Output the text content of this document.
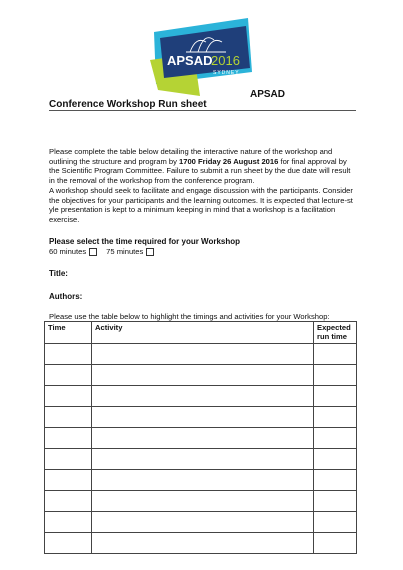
APSAD
2016
SYDNEY
APSAD
Conference Workshop Run sheet
Please complete the table below detailing the interactive nature of the workshop and outlining the structure and program by 1700 Friday 26 August 2016 for final approval by the Scientific Program Committee. Failure to submit a run sheet by the due date will result in the removal of the workshop from the conference program.
A workshop should seek to facilitate and engage discussion with the participants. Consider the objectives for your participants and the learning outcomes. It is expected that lecture-st yle presentation is kept to a minimum keeping in mind that a workshop is a facilitation exercise.
Please select the time required for your Workshop
60 minutes	75 minutes
Title:
Authors:
Please use the table below to highlight the timings and activities for your Workshop:
Time	Activity	Expected run time
